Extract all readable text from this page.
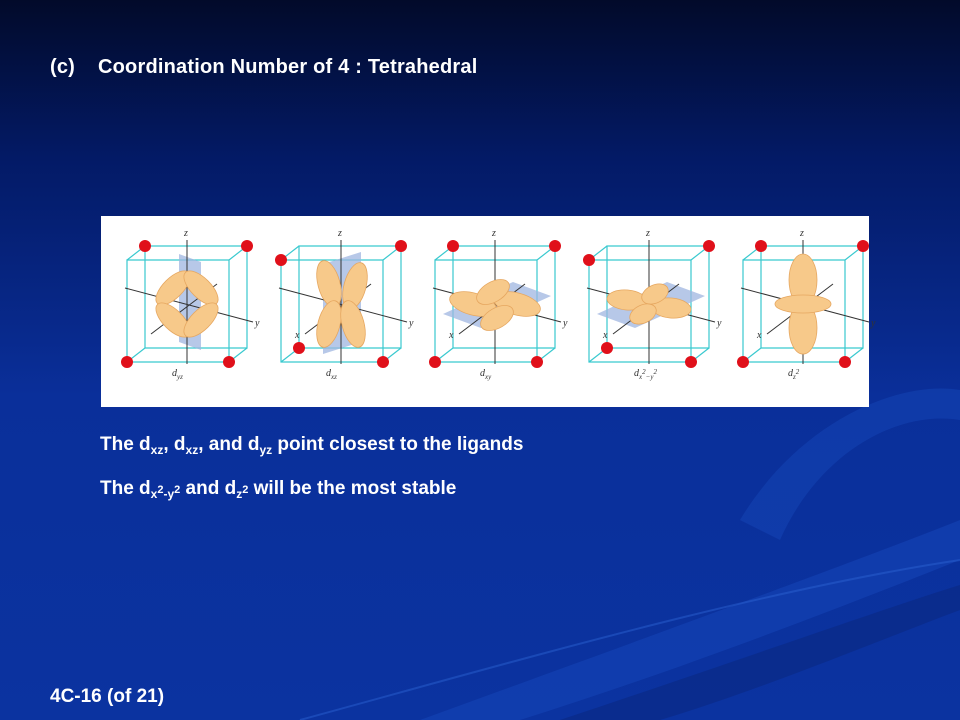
(c) Coordination Number of 4 : Tetrahedral
z
y
$d_{yz}$
z
y
x
$d_{xz}$
z
y
x
$d_{xy}$
z
y
x
$d_x^2_{-y}^2$
z
y
x
$d_z^2$
The $d_{xz}$, $d_{xz}$, and $d_{yz}$ point closest to the ligands
The $d_{x^2-y^2}$ and $d_{z^2}$ will be the most stable
4C-16 (of 21)
